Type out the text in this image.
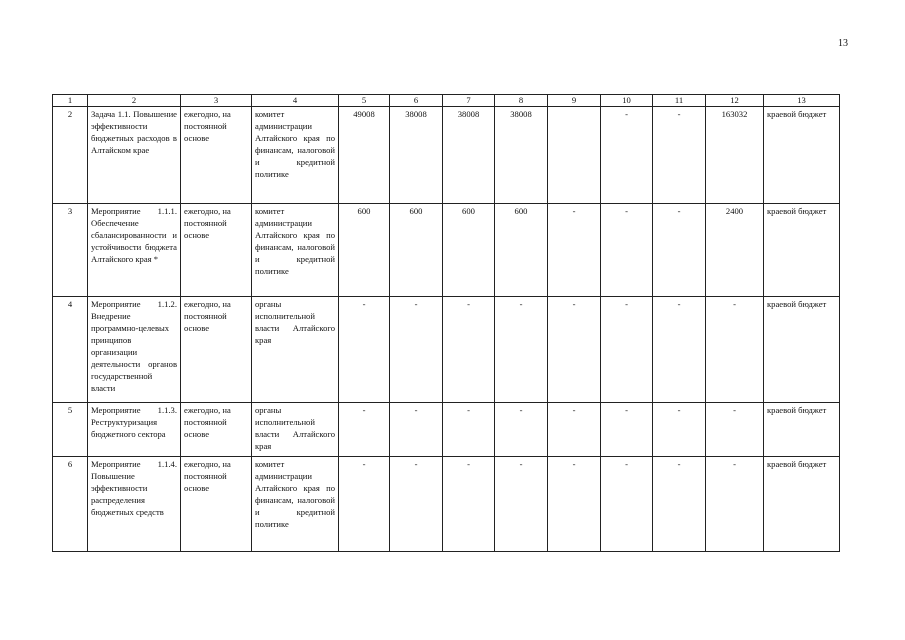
13
1	2	3	4	5	6	7	8	9	10	11	12	13
2	Задача 1.1. Повышение эффективности бюджетных расходов в Алтайском крае	ежегодно, на постоянной основе	комитет администрации Алтайского края по финансам, налоговой и кредитной политике	49008	38008	38008	38008		-	-	163032	краевой бюджет
3	Мероприятие 1.1.1. Обеспечение сбалансированности и устойчивости бюджета Алтайского края *	ежегодно, на постоянной основе	комитет администрации Алтайского края по финансам, налоговой и кредитной политике	600	600	600	600	-	-	-	2400	краевой бюджет
4	Мероприятие 1.1.2. Внедрение программно-целевых принципов организации деятельности органов государственной власти	ежегодно, на постоянной основе	органы исполнительной власти Алтайского края	-	-	-	-	-	-	-	-	краевой бюджет
5	Мероприятие 1.1.3. Реструктуризация бюджетного сектора	ежегодно, на постоянной основе	органы исполнительной власти Алтайского края	-	-	-	-	-	-	-	-	краевой бюджет
6	Мероприятие 1.1.4. Повышение эффективности распределения бюджетных средств	ежегодно, на постоянной основе	комитет администрации Алтайского края по финансам, налоговой и кредитной политике	-	-	-	-	-	-	-	-	краевой бюджет
